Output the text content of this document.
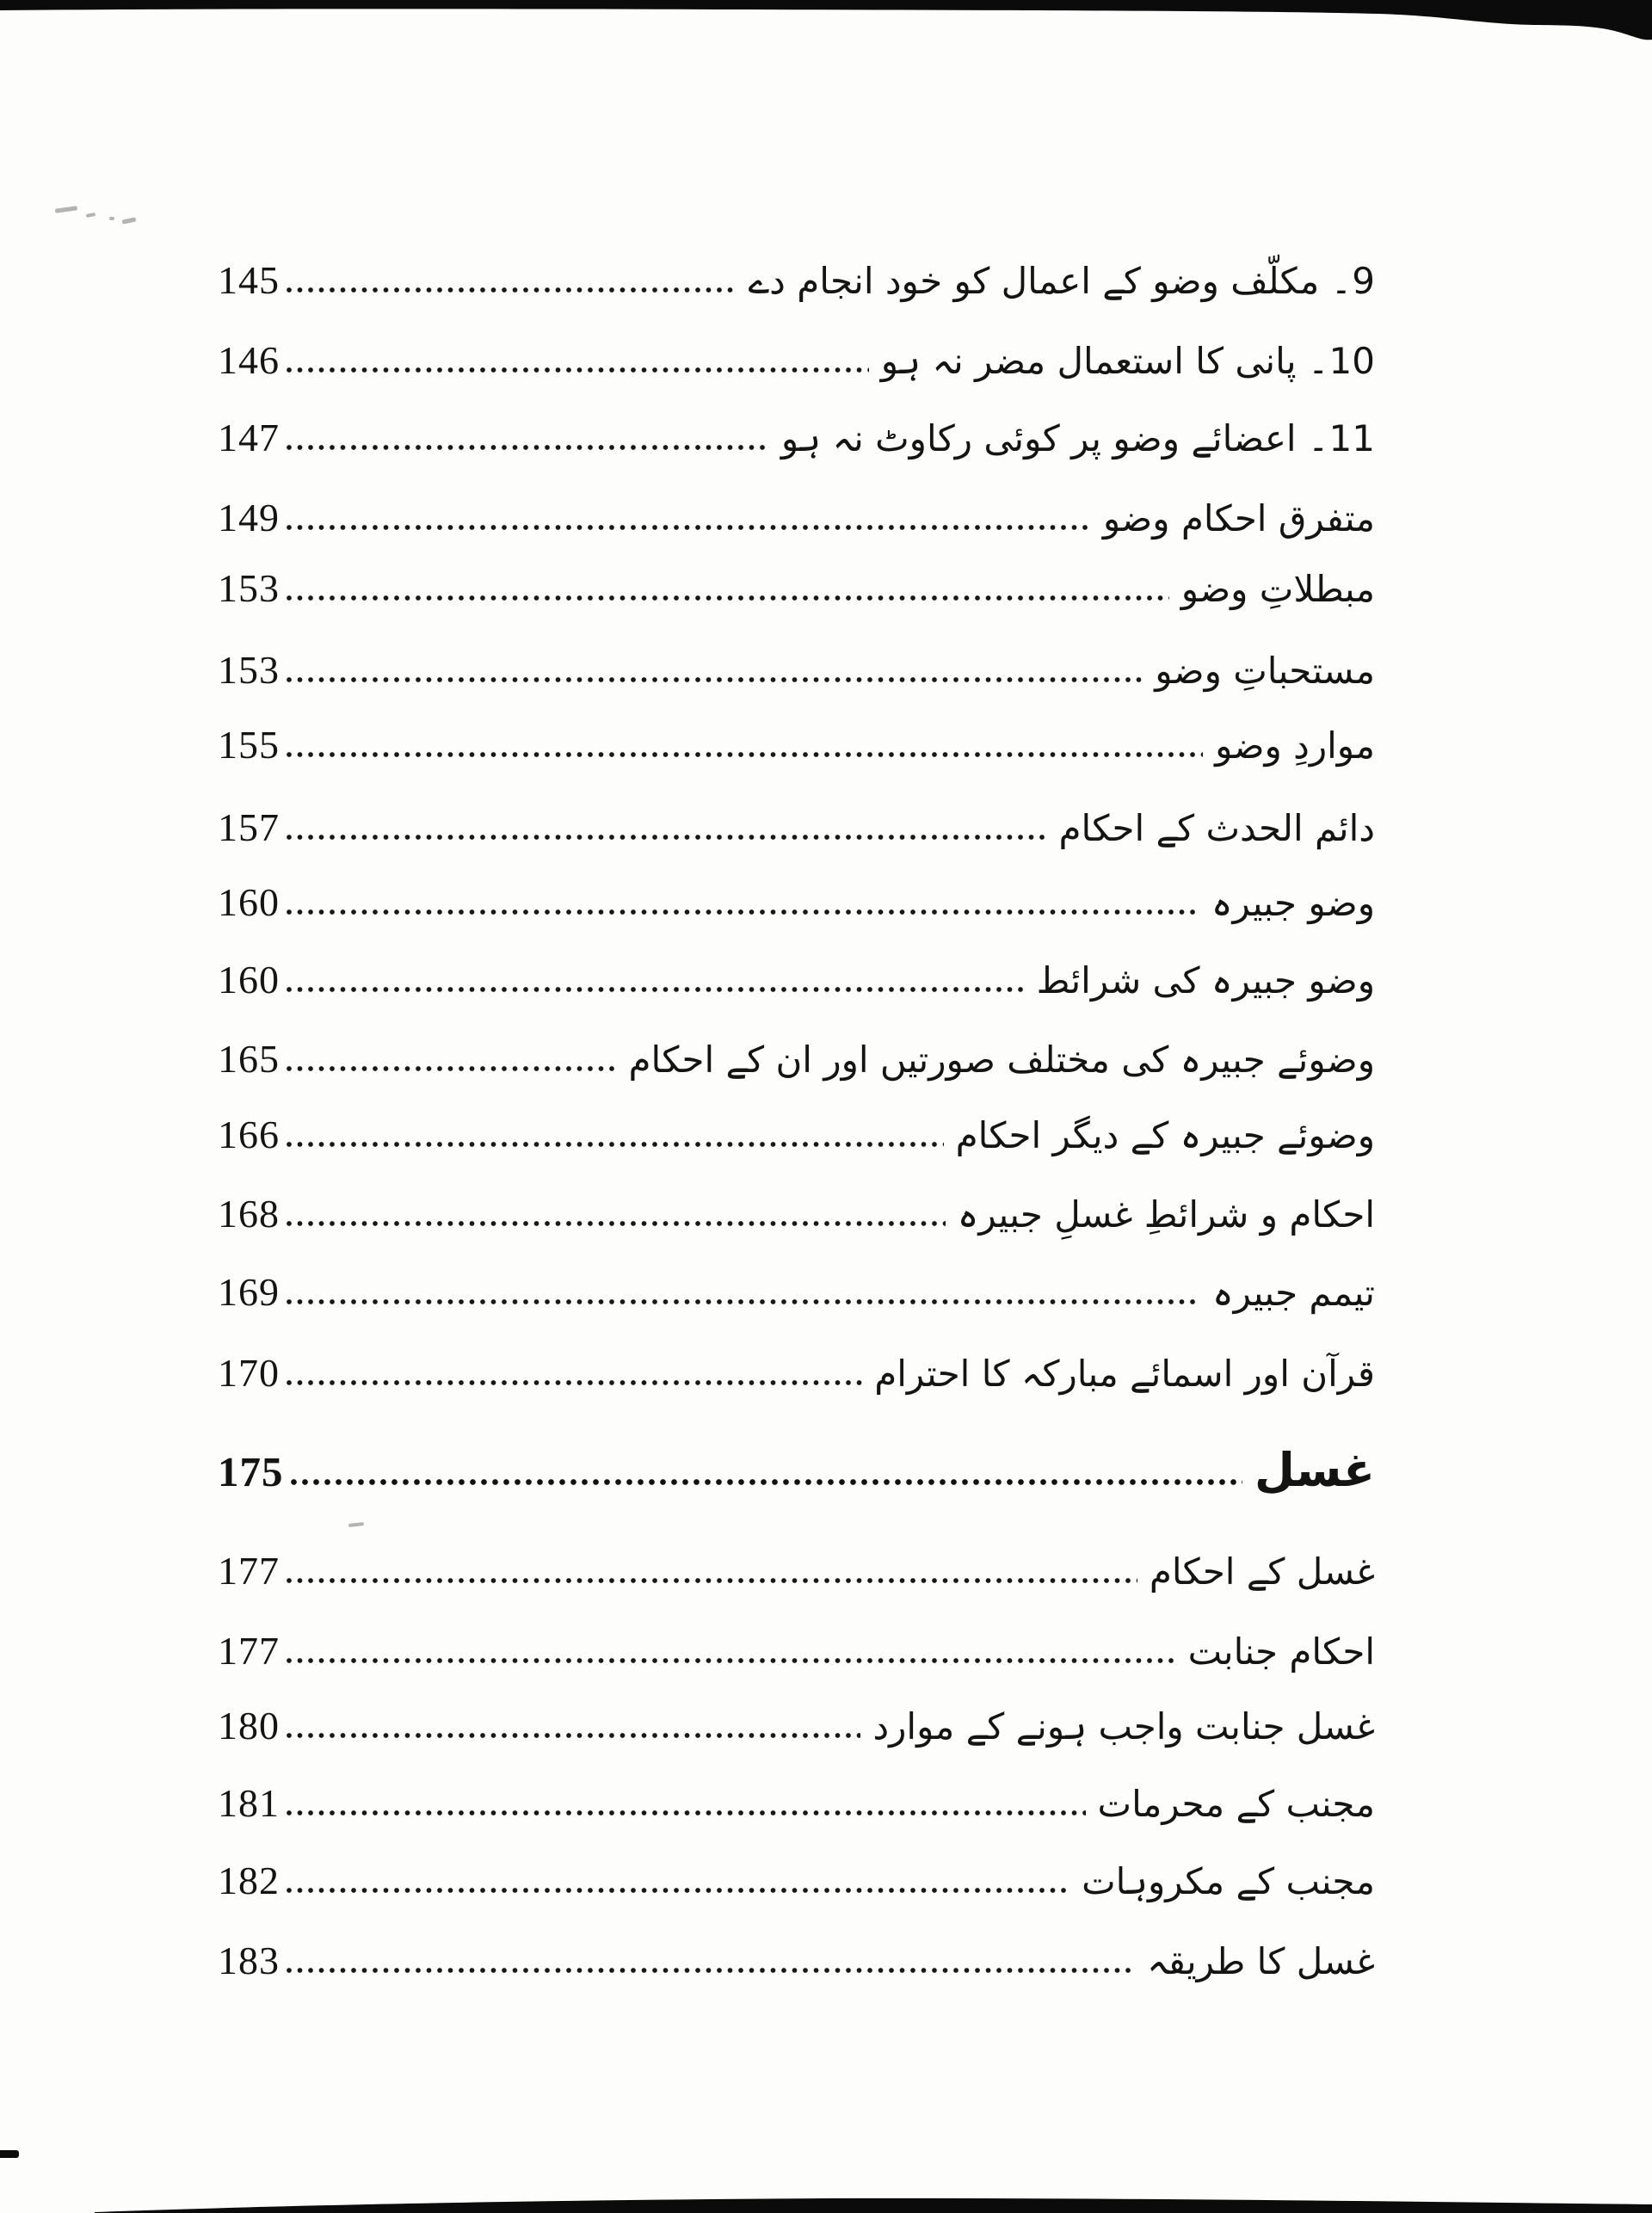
145	9۔ مکلّف وضو کے اعمال کو خود انجام دے
146	10۔ پانی کا استعمال مضر نہ ہو
147	11۔ اعضائے وضو پر کوئی رکاوٹ نہ ہو
149	متفرق احکام وضو
153	مبطلاتِ وضو
153	مستحباتِ وضو
155	مواردِ وضو
157	دائم الحدث کے احکام
160	وضو جبیرہ
160	وضو جبیرہ کی شرائط
165	وضوئے جبیرہ کی مختلف صورتیں اور ان کے احکام
166	وضوئے جبیرہ کے دیگر احکام
168	احکام و شرائطِ غسلِ جبیرہ
169	تیمم جبیرہ
170	قرآن اور اسمائے مبارکہ کا احترام
175	غسل
177	غسل کے احکام
177	احکام جنابت
180	غسل جنابت واجب ہونے کے موارد
181	مجنب کے محرمات
182	مجنب کے مکروہات
183	غسل کا طریقہ
